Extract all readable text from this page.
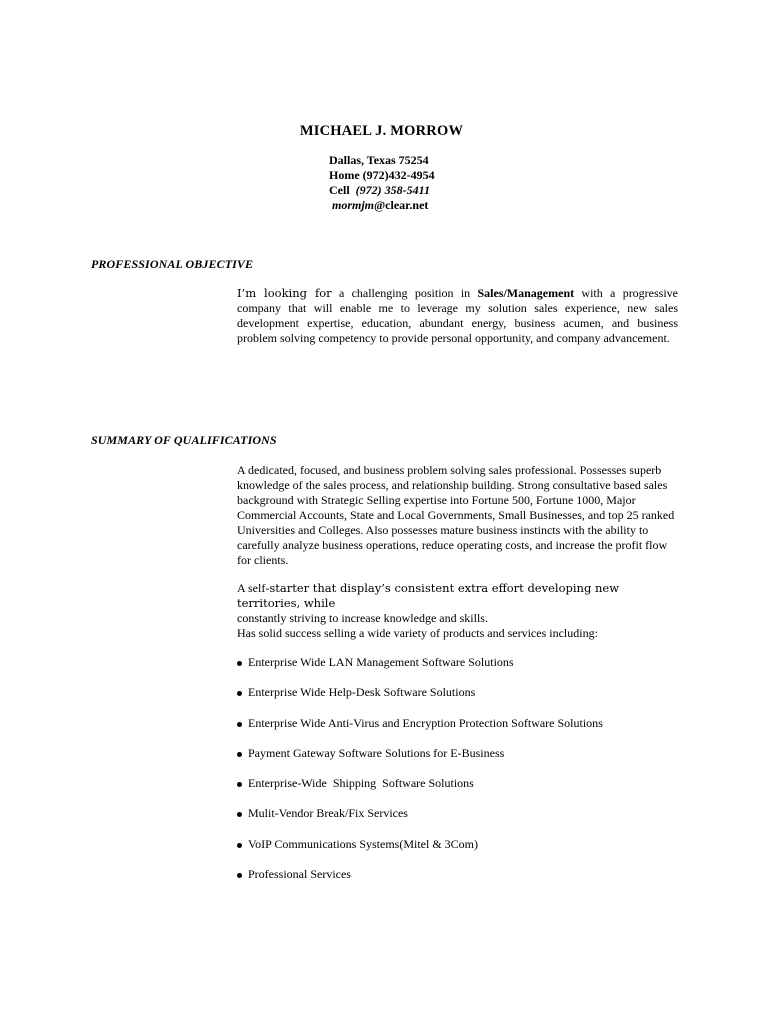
MICHAEL J. MORROW
Dallas, Texas 75254
Home (972)432-4954
Cell (972) 358-5411
mormjm@clear.net
PROFESSIONAL OBJECTIVE
I’m looking for a challenging position in Sales/Management with a progressive company that will enable me to leverage my solution sales experience, new sales development expertise, education, abundant energy, business acumen, and business problem solving competency to provide personal opportunity, and company advancement.
SUMMARY OF QUALIFICATIONS
A dedicated, focused, and business problem solving sales professional. Possesses superb knowledge of the sales process, and relationship building. Strong consultative based sales background with Strategic Selling expertise into Fortune 500, Fortune 1000, Major Commercial Accounts, State and Local Governments, Small Businesses, and top 25 ranked Universities and Colleges. Also possesses mature business instincts with the ability to carefully analyze business operations, reduce operating costs, and increase the profit flow for clients.
A self-starter that display’s consistent extra effort developing new territories, while
constantly striving to increase knowledge and skills.
Has solid success selling a wide variety of products and services including:
Enterprise Wide LAN Management Software Solutions
Enterprise Wide Help-Desk Software Solutions
Enterprise Wide Anti-Virus and Encryption Protection Software Solutions
Payment Gateway Software Solutions for E-Business
Enterprise-Wide  Shipping  Software Solutions
Mulit-Vendor Break/Fix Services
VoIP Communications Systems(Mitel & 3Com)
Professional Services
